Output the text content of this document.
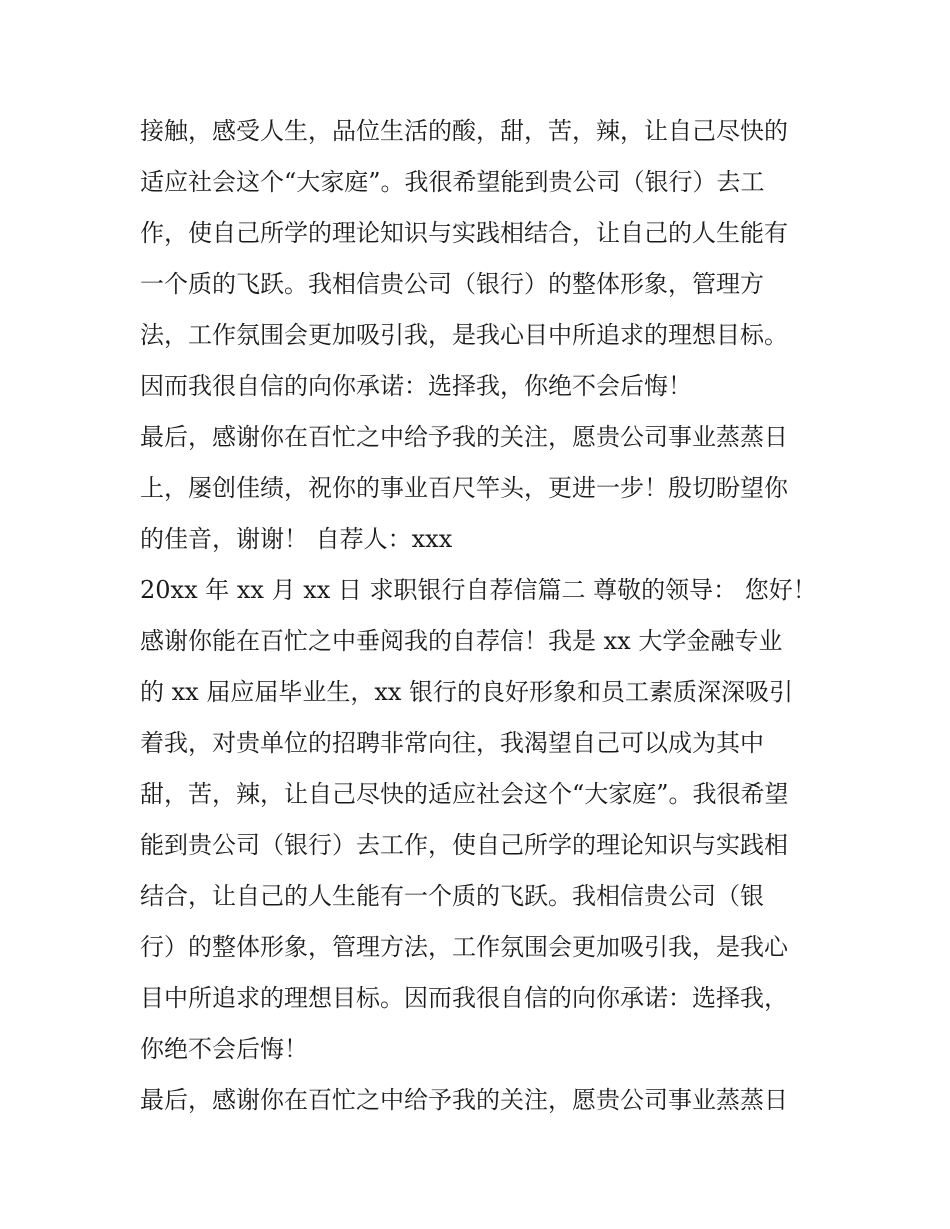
接触，感受人生，品位生活的酸，甜，苦，辣，让自己尽快的
适应社会这个“大家庭”。我很希望能到贵公司（银行）去工
作，使自己所学的理论知识与实践相结合，让自己的人生能有
一个质的飞跃。我相信贵公司（银行）的整体形象，管理方
法，工作氛围会更加吸引我，是我心目中所追求的理想目标。
因而我很自信的向你承诺：选择我，你绝不会后悔！
最后，感谢你在百忙之中给予我的关注，愿贵公司事业蒸蒸日
上，屡创佳绩，祝你的事业百尺竿头，更进一步！殷切盼望你
的佳音，谢谢！ 自荐人：xxx
20xx 年 xx 月 xx 日 求职银行自荐信篇二 尊敬的领导： 您好！
感谢你能在百忙之中垂阅我的自荐信！我是 xx 大学金融专业
的 xx 届应届毕业生，xx 银行的良好形象和员工素质深深吸引
着我，对贵单位的招聘非常向往，我渴望自己可以成为其中
甜，苦，辣，让自己尽快的适应社会这个“大家庭”。我很希望
能到贵公司（银行）去工作，使自己所学的理论知识与实践相
结合，让自己的人生能有一个质的飞跃。我相信贵公司（银
行）的整体形象，管理方法，工作氛围会更加吸引我，是我心
目中所追求的理想目标。因而我很自信的向你承诺：选择我，
你绝不会后悔！
最后，感谢你在百忙之中给予我的关注，愿贵公司事业蒸蒸日
